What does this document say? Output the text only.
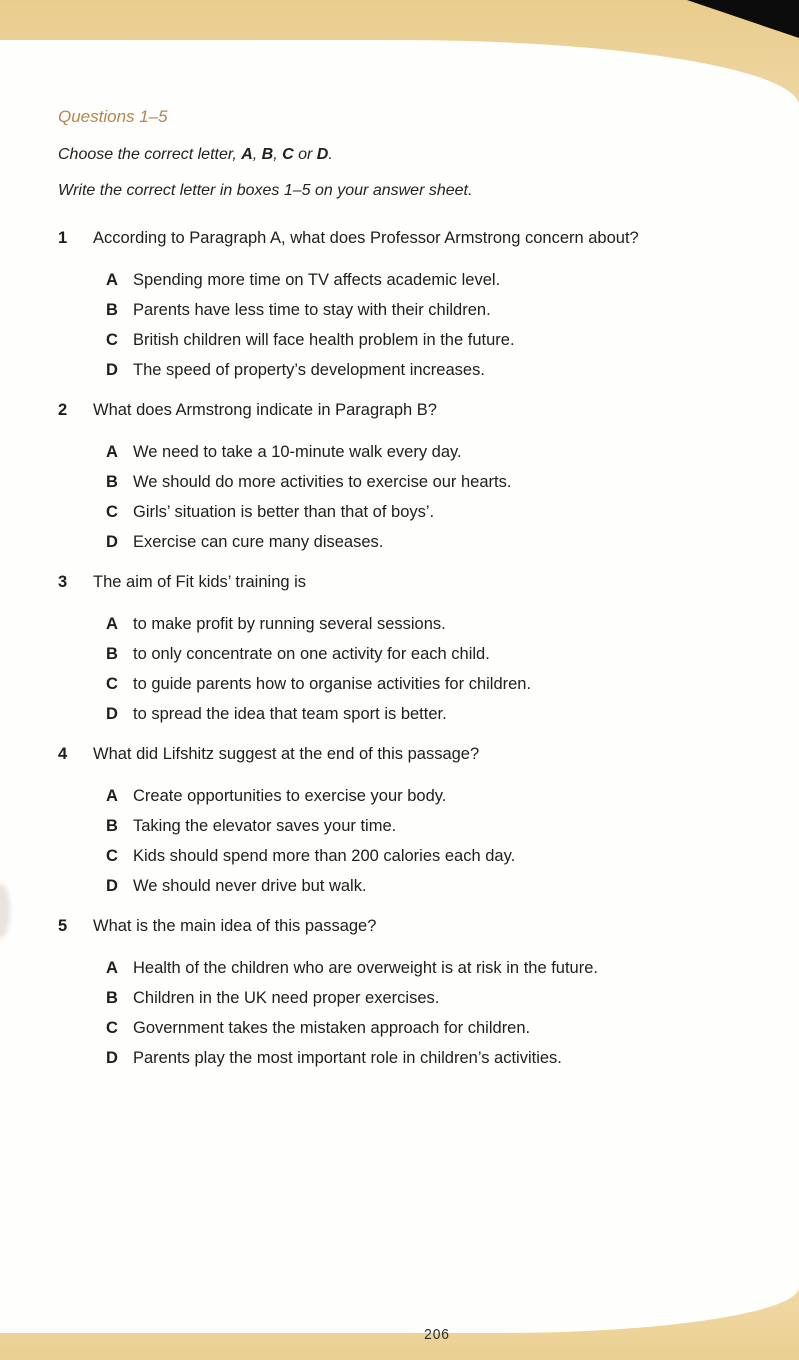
Questions 1–5
Choose the correct letter, A, B, C or D.
Write the correct letter in boxes 1–5 on your answer sheet.
1	According to Paragraph A, what does Professor Armstrong concern about?
A Spending more time on TV affects academic level.
B Parents have less time to stay with their children.
C British children will face health problem in the future.
D The speed of property’s development increases.
2	What does Armstrong indicate in Paragraph B?
A We need to take a 10-minute walk every day.
B We should do more activities to exercise our hearts.
C Girls’ situation is better than that of boys’.
D Exercise can cure many diseases.
3	The aim of Fit kids’ training is
A to make profit by running several sessions.
B to only concentrate on one activity for each child.
C to guide parents how to organise activities for children.
D to spread the idea that team sport is better.
4	What did Lifshitz suggest at the end of this passage?
A Create opportunities to exercise your body.
B Taking the elevator saves your time.
C Kids should spend more than 200 calories each day.
D We should never drive but walk.
5	What is the main idea of this passage?
A Health of the children who are overweight is at risk in the future.
B Children in the UK need proper exercises.
C Government takes the mistaken approach for children.
D Parents play the most important role in children’s activities.
206
